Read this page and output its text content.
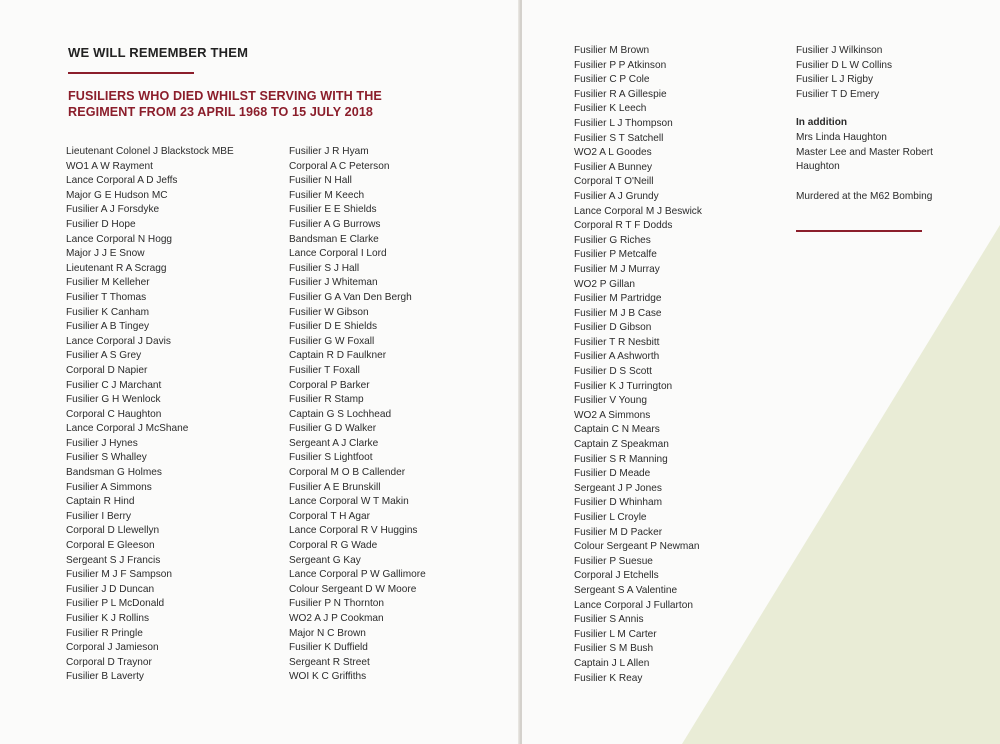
WE WILL REMEMBER THEM
FUSILIERS WHO DIED WHILST SERVING WITH THE
REGIMENT FROM 23 APRIL 1968 TO 15 JULY 2018
Lieutenant Colonel J Blackstock MBE
WO1 A W Rayment
Lance Corporal A D Jeffs
Major G E Hudson MC
Fusilier A J Forsdyke
Fusilier D Hope
Lance Corporal N Hogg
Major J J E Snow
Lieutenant R A Scragg
Fusilier M Kelleher
Fusilier T Thomas
Fusilier K Canham
Fusilier A B Tingey
Lance Corporal J Davis
Fusilier A S Grey
Corporal D Napier
Fusilier C J Marchant
Fusilier G H Wenlock
Corporal C Haughton
Lance Corporal J McShane
Fusilier J Hynes
Fusilier S Whalley
Bandsman G Holmes
Fusilier A Simmons
Captain R Hind
Fusilier I Berry
Corporal D Llewellyn
Corporal E Gleeson
Sergeant S J Francis
Fusilier M J F Sampson
Fusilier J D Duncan
Fusilier P L McDonald
Fusilier K J Rollins
Fusilier R Pringle
Corporal J Jamieson
Corporal D Traynor
Fusilier B Laverty
Fusilier J R Hyam
Corporal A C Peterson
Fusilier N Hall
Fusilier M Keech
Fusilier E E Shields
Fusilier A G Burrows
Bandsman E Clarke
Lance Corporal I Lord
Fusilier S J Hall
Fusilier J Whiteman
Fusilier G A Van Den Bergh
Fusilier W Gibson
Fusilier D E Shields
Fusilier G W Foxall
Captain R D Faulkner
Fusilier T Foxall
Corporal P Barker
Fusilier R Stamp
Captain G S Lochhead
Fusilier G D Walker
Sergeant A J Clarke
Fusilier S Lightfoot
Corporal M O B Callender
Fusilier A E Brunskill
Lance Corporal W T Makin
Corporal T H Agar
Lance Corporal R V Huggins
Corporal R G Wade
Sergeant G Kay
Lance Corporal P W Gallimore
Colour Sergeant D W Moore
Fusilier P N Thornton
WO2 A J P Cookman
Major N C Brown
Fusilier K Duffield
Sergeant R Street
WOI K C Griffiths
Fusilier M Brown
Fusilier P P Atkinson
Fusilier C P Cole
Fusilier R A Gillespie
Fusilier K Leech
Fusilier L J Thompson
Fusilier S T Satchell
WO2 A L Goodes
Fusilier A Bunney
Corporal T O'Neill
Fusilier A J Grundy
Lance Corporal M J Beswick
Corporal R T F Dodds
Fusilier G Riches
Fusilier P Metcalfe
Fusilier M J Murray
WO2 P Gillan
Fusilier M Partridge
Fusilier M J B Case
Fusilier D Gibson
Fusilier T R Nesbitt
Fusilier A Ashworth
Fusilier D S Scott
Fusilier K J Turrington
Fusilier V Young
WO2 A Simmons
Captain C N Mears
Captain Z Speakman
Fusilier S R Manning
Fusilier D Meade
Sergeant J P Jones
Fusilier D Whinham
Fusilier L Croyle
Fusilier M D Packer
Colour Sergeant P Newman
Fusilier P Suesue
Corporal J Etchells
Sergeant S A Valentine
Lance Corporal J Fullarton
Fusilier S Annis
Fusilier L M Carter
Fusilier S M Bush
Captain J L Allen
Fusilier K Reay
Fusilier J Wilkinson
Fusilier D L W Collins
Fusilier L J Rigby
Fusilier T D Emery
In addition
Mrs Linda Haughton
Master Lee and Master Robert
Haughton
Murdered at the M62 Bombing
